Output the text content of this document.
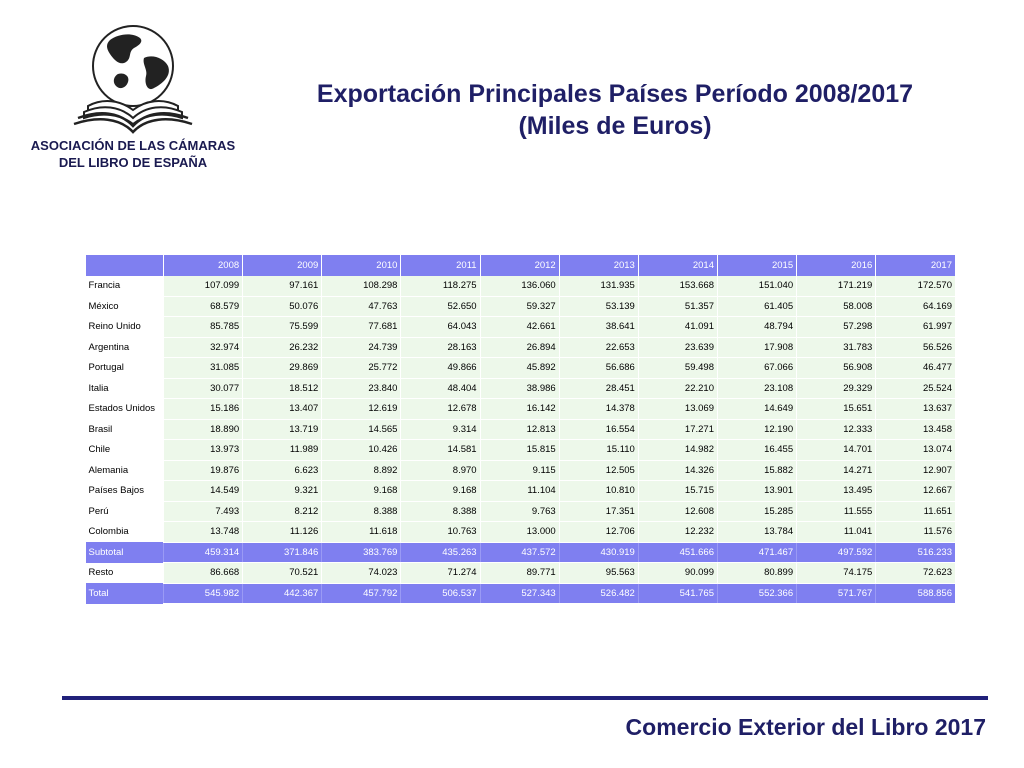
ASOCIACIÓN DE LAS CÁMARAS
DEL LIBRO DE ESPAÑA
Exportación Principales Países Período 2008/2017
(Miles de Euros)
	2008	2009	2010	2011	2012	2013	2014	2015	2016	2017
Francia	107.099	97.161	108.298	118.275	136.060	131.935	153.668	151.040	171.219	172.570
México	68.579	50.076	47.763	52.650	59.327	53.139	51.357	61.405	58.008	64.169
Reino Unido	85.785	75.599	77.681	64.043	42.661	38.641	41.091	48.794	57.298	61.997
Argentina	32.974	26.232	24.739	28.163	26.894	22.653	23.639	17.908	31.783	56.526
Portugal	31.085	29.869	25.772	49.866	45.892	56.686	59.498	67.066	56.908	46.477
Italia	30.077	18.512	23.840	48.404	38.986	28.451	22.210	23.108	29.329	25.524
Estados Unidos	15.186	13.407	12.619	12.678	16.142	14.378	13.069	14.649	15.651	13.637
Brasil	18.890	13.719	14.565	9.314	12.813	16.554	17.271	12.190	12.333	13.458
Chile	13.973	11.989	10.426	14.581	15.815	15.110	14.982	16.455	14.701	13.074
Alemania	19.876	6.623	8.892	8.970	9.115	12.505	14.326	15.882	14.271	12.907
Países Bajos	14.549	9.321	9.168	9.168	11.104	10.810	15.715	13.901	13.495	12.667
Perú	7.493	8.212	8.388	8.388	9.763	17.351	12.608	15.285	11.555	11.651
Colombia	13.748	11.126	11.618	10.763	13.000	12.706	12.232	13.784	11.041	11.576
Subtotal	459.314	371.846	383.769	435.263	437.572	430.919	451.666	471.467	497.592	516.233
Resto	86.668	70.521	74.023	71.274	89.771	95.563	90.099	80.899	74.175	72.623
Total	545.982	442.367	457.792	506.537	527.343	526.482	541.765	552.366	571.767	588.856
Comercio Exterior del Libro 2017
